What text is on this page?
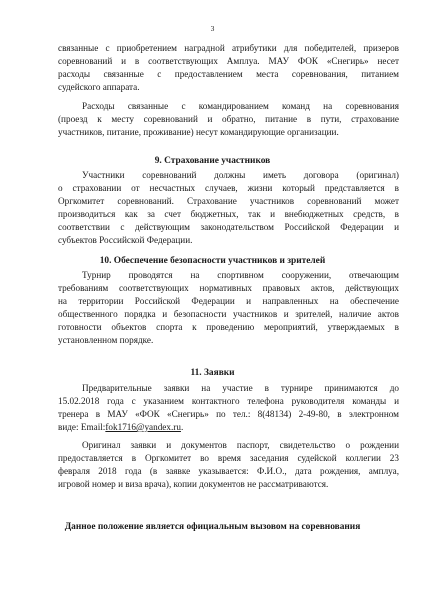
3
связанные с приобретением наградной атрибутики для победителей, призеров
соревнований и в соответствующих Амплуа. МАУ ФОК «Снегирь» несет
расходы связанные с предоставлением места соревнования, питанием
судейского аппарата.
Расходы связанные с командированием команд на соревнования
(проезд к месту соревнований и обратно, питание в пути, страхование
участников, питание, проживание) несут командирующие организации.
9. Страхование участников
Участники соревнований должны иметь договора (оригинал)
о страховании от несчастных случаев, жизни который представляется в
Оргкомитет соревнований. Страхование участников соревнований может
производиться как за счет бюджетных, так и внебюджетных средств, в
соответствии с действующим законодательством Российской Федерации и
субъектов Российской Федерации.
10. Обеспечение безопасности участников и зрителей
Турнир проводятся на спортивном сооружении, отвечающим
требованиям соответствующих нормативных правовых актов, действующих
на территории Российской Федерации и направленных на обеспечение
общественного порядка и безопасности участников и зрителей, наличие актов
готовности объектов спорта к проведению мероприятий, утверждаемых в
установленном порядке.
11. Заявки
Предварительные заявки на участие в турнире принимаются до
15.02.2018 года с указанием контактного телефона руководителя команды и
тренера в МАУ «ФОК «Снегирь» по тел.: 8(48134) 2-49-80, в электронном
виде: Email:fok1716@yandex.ru.
Оригинал заявки и документов паспорт, свидетельство о рождении
предоставляется в Оргкомитет во время заседания судейской коллегии 23
февраля 2018 года (в заявке указывается: Ф.И.О., дата рождения, амплуа,
игровой номер и виза врача), копии документов не рассматриваются.
Данное положение является официальным вызовом на соревнования
